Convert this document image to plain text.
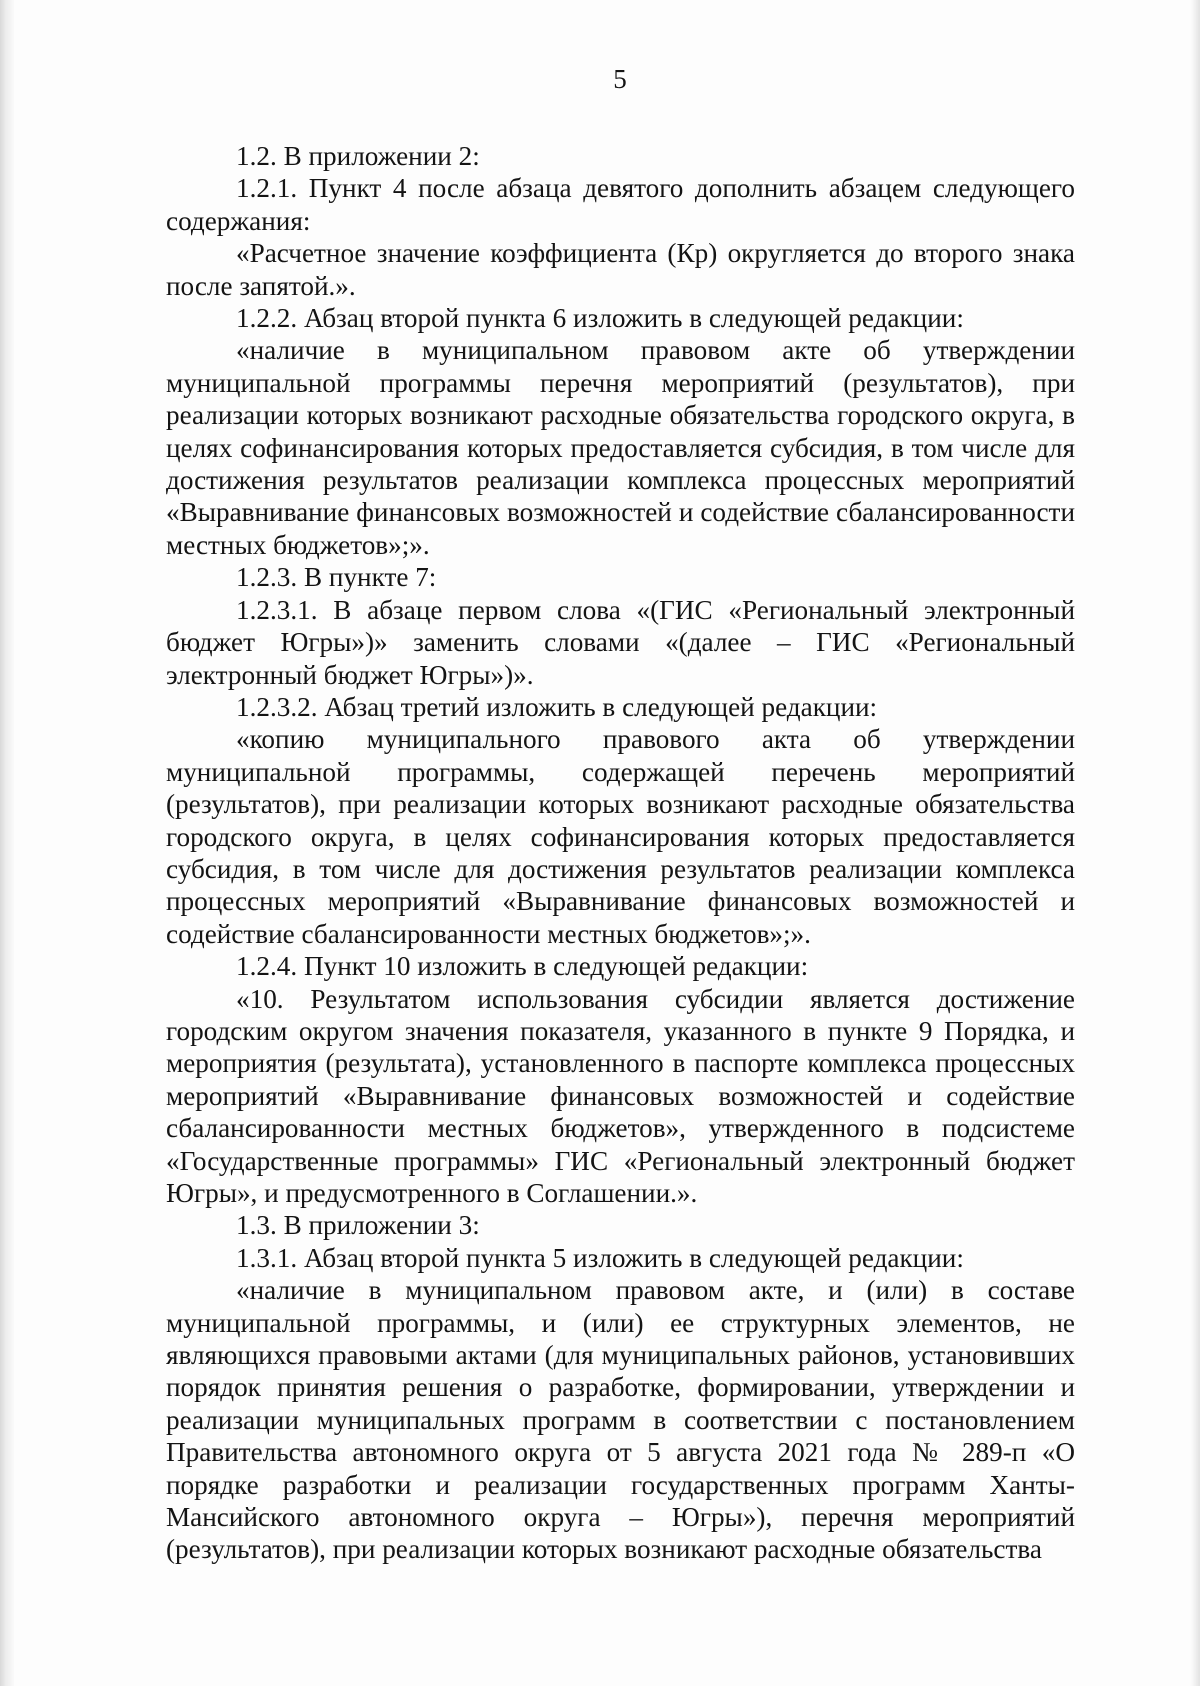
5

1.2. В приложении 2:

1.2.1. Пункт 4 после абзаца девятого дополнить абзацем следующего содержания:

«Расчетное значение коэффициента (Кр) округляется до второго знака после запятой.».

1.2.2. Абзац второй пункта 6 изложить в следующей редакции:

«наличие в муниципальном правовом акте об утверждении муниципальной программы перечня мероприятий (результатов), при реализации которых возникают расходные обязательства городского округа, в целях софинансирования которых предоставляется субсидия, в том числе для достижения результатов реализации комплекса процессных мероприятий «Выравнивание финансовых возможностей и содействие сбалансированности местных бюджетов»;».

1.2.3. В пункте 7:

1.2.3.1. В абзаце первом слова «(ГИС «Региональный электронный бюджет Югры»)» заменить словами «(далее – ГИС «Региональный электронный бюджет Югры»)».

1.2.3.2. Абзац третий изложить в следующей редакции:

«копию муниципального правового акта об утверждении муниципальной программы, содержащей перечень мероприятий (результатов), при реализации которых возникают расходные обязательства городского округа, в целях софинансирования которых предоставляется субсидия, в том числе для достижения результатов реализации комплекса процессных мероприятий «Выравнивание финансовых возможностей и содействие сбалансированности местных бюджетов»;».

1.2.4. Пункт 10 изложить в следующей редакции:

«10. Результатом использования субсидии является достижение городским округом значения показателя, указанного в пункте 9 Порядка, и мероприятия (результата), установленного в паспорте комплекса процессных мероприятий «Выравнивание финансовых возможностей и содействие сбалансированности местных бюджетов», утвержденного в подсистеме «Государственные программы» ГИС «Региональный электронный бюджет Югры», и предусмотренного в Соглашении.».

1.3. В приложении 3:

1.3.1. Абзац второй пункта 5 изложить в следующей редакции:

«наличие в муниципальном правовом акте, и (или) в составе муниципальной программы, и (или) ее структурных элементов, не являющихся правовыми актами (для муниципальных районов, установивших порядок принятия решения о разработке, формировании, утверждении и реализации муниципальных программ в соответствии с постановлением Правительства автономного округа от 5 августа 2021 года № 289-п «О порядке разработки и реализации государственных программ Ханты-Мансийского автономного округа – Югры»), перечня мероприятий (результатов), при реализации которых возникают расходные обязательства
